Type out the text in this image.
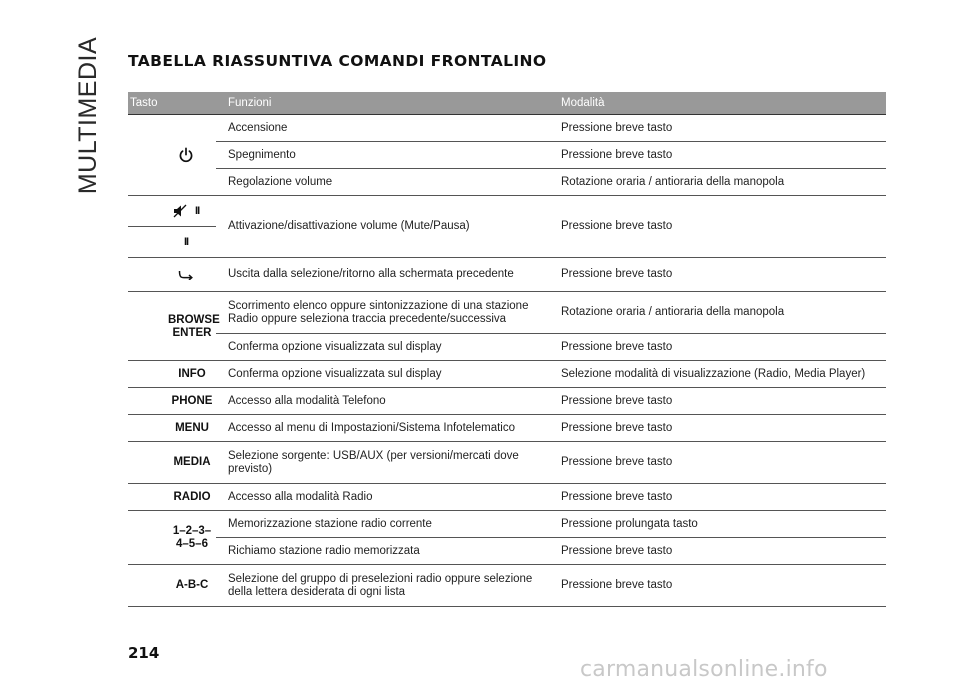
MULTIMEDIA TABELLA RIASSUNTIVA COMANDI FRONTALINO
Tasto	Funzioni	Modalità
	Accensione	Pressione breve tasto
	Spegnimento	Pressione breve tasto
	Regolazione volume	Rotazione oraria / antioraria della manopola
II	Attivazione/disattivazione volume (Mute/Pausa)	Pressione breve tasto
II		
	Uscita dalla selezione/ritorno alla schermata precedente	Pressione breve tasto
BROWSE ENTER	Scorrimento elenco oppure sintonizzazione di una stazione Radio oppure seleziona traccia precedente/successiva	Rotazione oraria / antioraria della manopola
	Conferma opzione visualizzata sul display	Pressione breve tasto
INFO	Conferma opzione visualizzata sul display	Selezione modalità di visualizzazione (Radio, Media Player)
PHONE	Accesso alla modalità Telefono	Pressione breve tasto
MENU	Accesso al menu di Impostazioni/Sistema Infotelematico	Pressione breve tasto
MEDIA	Selezione sorgente: USB/AUX (per versioni/mercati dove previsto)	Pressione breve tasto
RADIO	Accesso alla modalità Radio	Pressione breve tasto
1–2–3–4–5–6	Memorizzazione stazione radio corrente	Pressione prolungata tasto
	Richiamo stazione radio memorizzata	Pressione breve tasto
A-B-C	Selezione del gruppo di preselezioni radio oppure selezione della lettera desiderata di ogni lista	Pressione breve tasto

214

carmanualsonline.info
